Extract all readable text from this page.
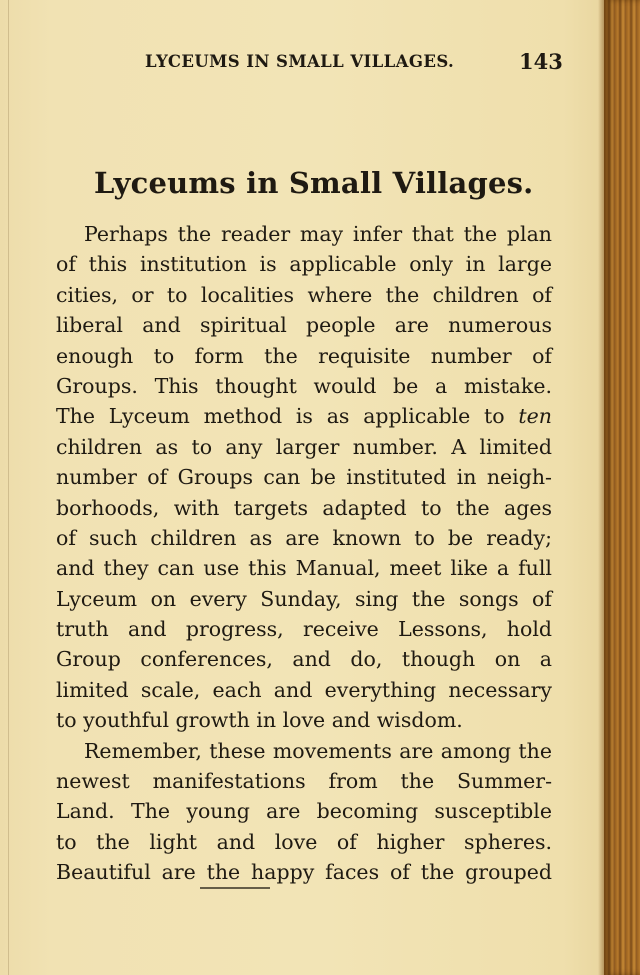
LYCEUMS IN SMALL VILLAGES.	143
Lyceums in Small Villages.
Perhaps the reader may infer that the plan
of this institution is applicable only in large
cities, or to localities where the children of
liberal and spiritual people are numerous
enough to form the requisite number of
Groups. This thought would be a mistake.
The Lyceum method is as applicable to ten
children as to any larger number. A limited
number of Groups can be instituted in neigh-
borhoods, with targets adapted to the ages
of such children as are known to be ready;
and they can use this Manual, meet like a full
Lyceum on every Sunday, sing the songs of
truth and progress, receive Lessons, hold
Group conferences, and do, though on a
limited scale, each and everything necessary
to youthful growth in love and wisdom.
Remember, these movements are among the
newest manifestations from the Summer-
Land. The young are becoming susceptible
to the light and love of higher spheres.
Beautiful are the happy faces of the grouped
